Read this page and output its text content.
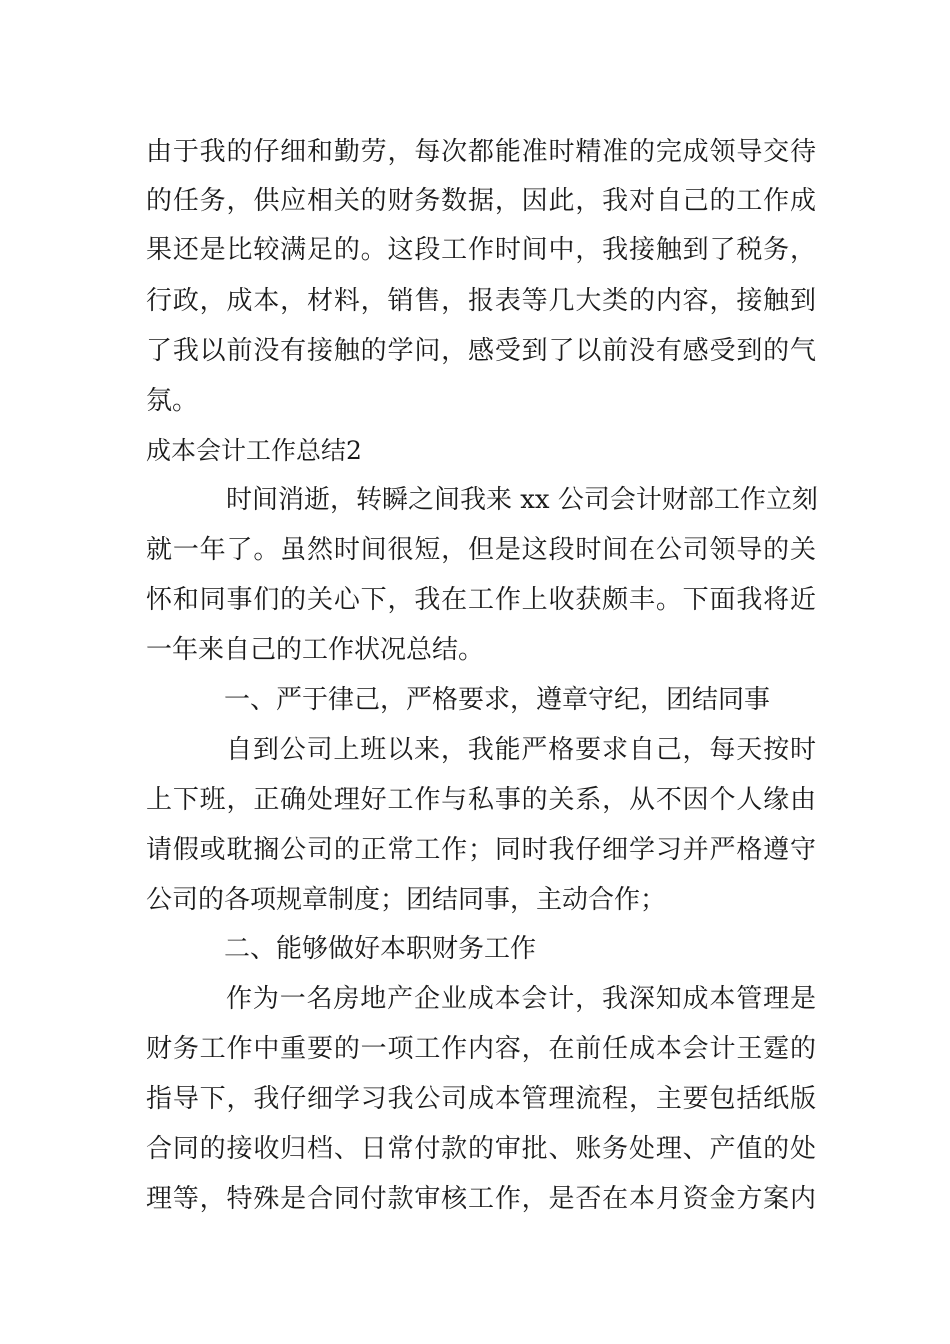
由于我的仔细和勤劳，每次都能准时精准的完成领导交待
的任务，供应相关的财务数据，因此，我对自己的工作成
果还是比较满足的。这段工作时间中，我接触到了税务，
行政，成本，材料，销售，报表等几大类的内容，接触到
了我以前没有接触的学问，感受到了以前没有感受到的气
氛。
成本会计工作总结2
时间消逝，转瞬之间我来 xx 公司会计财部工作立刻
就一年了。虽然时间很短，但是这段时间在公司领导的关
怀和同事们的关心下，我在工作上收获颇丰。下面我将近
一年来自己的工作状况总结。
一、严于律己，严格要求，遵章守纪，团结同事
自到公司上班以来，我能严格要求自己，每天按时
上下班，正确处理好工作与私事的关系，从不因个人缘由
请假或耽搁公司的正常工作；同时我仔细学习并严格遵守
公司的各项规章制度；团结同事，主动合作；
二、能够做好本职财务工作
作为一名房地产企业成本会计，我深知成本管理是
财务工作中重要的一项工作内容，在前任成本会计王霆的
指导下，我仔细学习我公司成本管理流程，主要包括纸版
合同的接收归档、日常付款的审批、账务处理、产值的处
理等，特殊是合同付款审核工作，是否在本月资金方案内
